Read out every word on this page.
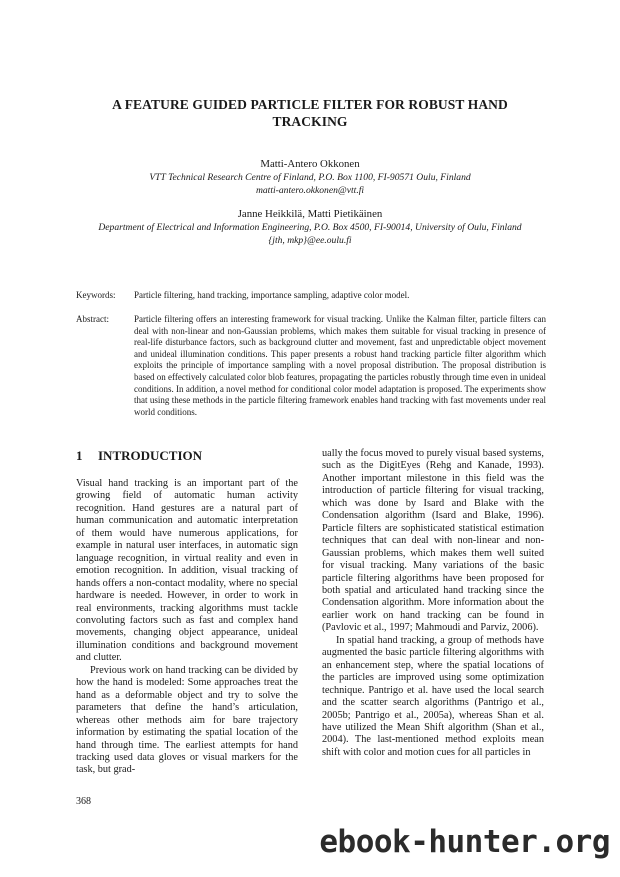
A FEATURE GUIDED PARTICLE FILTER FOR ROBUST HAND
TRACKING
Matti-Antero Okkonen
VTT Technical Research Centre of Finland, P.O. Box 1100, FI-90571 Oulu, Finland
matti-antero.okkonen@vtt.fi
Janne Heikkilä, Matti Pietikäinen
Department of Electrical and Information Engineering, P.O. Box 4500, FI-90014, University of Oulu, Finland
{jth, mkp}@ee.oulu.fi
Keywords:	Particle filtering, hand tracking, importance sampling, adaptive color model.
Abstract:	Particle filtering offers an interesting framework for visual tracking. Unlike the Kalman filter, particle filters can deal with non-linear and non-Gaussian problems, which makes them suitable for visual tracking in presence of real-life disturbance factors, such as background clutter and movement, fast and unpredictable object movement and unideal illumination conditions. This paper presents a robust hand tracking particle filter algorithm which exploits the principle of importance sampling with a novel proposal distribution. The proposal distribution is based on effectively calculated color blob features, propagating the particles robustly through time even in unideal conditions. In addition, a novel method for conditional color model adaptation is proposed. The experiments show that using these methods in the particle filtering framework enables hand tracking with fast movements under real world conditions.
1 INTRODUCTION

Visual hand tracking is an important part of the growing field of automatic human activity recognition. Hand gestures are a natural part of human communication and automatic interpretation of them would have numerous applications, for example in natural user interfaces, in automatic sign language recognition, in virtual reality and even in emotion recognition. In addition, visual tracking of hands offers a non-contact modality, where no special hardware is needed. However, in order to work in real environments, tracking algorithms must tackle convoluting factors such as fast and complex hand movements, changing object appearance, unideal illumination conditions and background movement and clutter.

Previous work on hand tracking can be divided by how the hand is modeled: Some approaches treat the hand as a deformable object and try to solve the parameters that define the hand’s articulation, whereas other methods aim for bare trajectory information by estimating the spatial location of the hand through time. The earliest attempts for hand tracking used data gloves or visual markers for the task, but grad-

ually the focus moved to purely visual based systems, such as the DigitEyes (Rehg and Kanade, 1993). Another important milestone in this field was the introduction of particle filtering for visual tracking, which was done by Isard and Blake with the Condensation algorithm (Isard and Blake, 1996). Particle filters are sophisticated statistical estimation techniques that can deal with non-linear and non-Gaussian problems, which makes them well suited for visual tracking. Many variations of the basic particle filtering algorithms have been proposed for both spatial and articulated hand tracking since the Condensation algorithm. More information about the earlier work on hand tracking can be found in (Pavlovic et al., 1997; Mahmoudi and Parviz, 2006).

In spatial hand tracking, a group of methods have augmented the basic particle filtering algorithms with an enhancement step, where the spatial locations of the particles are improved using some optimization technique. Pantrigo et al. have used the local search and the scatter search algorithms (Pantrigo et al., 2005b; Pantrigo et al., 2005a), whereas Shan et al. have utilized the Mean Shift algorithm (Shan et al., 2004). The last-mentioned method exploits mean shift with color and motion cues for all particles in

368
ebook-hunter.org
